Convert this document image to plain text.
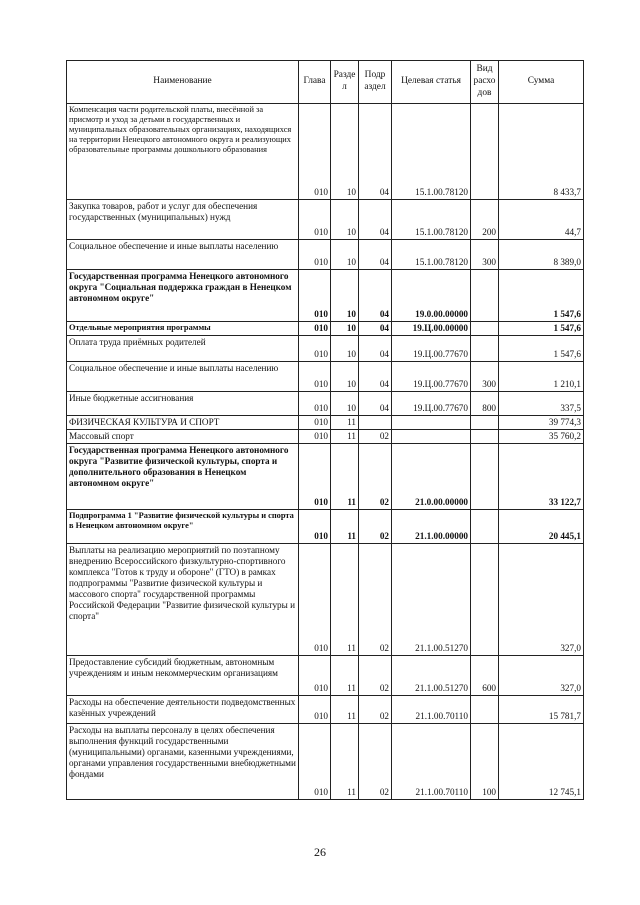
Наименование	Глава	Разде л	Подр аздел	Целевая статья	Вид расхо дов	Сумма
Компенсация части родительской платы, внесённой за присмотр и уход за детьми в государственных и муниципальных образовательных организациях, находящихся на территории Ненецкого автономного округа и реализующих образовательные программы дошкольного образования	010	10	04	15.1.00.78120		8 433,7
Закупка товаров, работ и услуг для обеспечения государственных (муниципальных) нужд	010	10	04	15.1.00.78120	200	44,7
Социальное обеспечение и иные выплаты населению	010	10	04	15.1.00.78120	300	8 389,0
Государственная программа Ненецкого автономного округа "Социальная поддержка граждан в Ненецком автономном округе"	010	10	04	19.0.00.00000		1 547,6
Отдельные мероприятия программы	010	10	04	19.Ц.00.00000		1 547,6
Оплата труда приёмных родителей	010	10	04	19.Ц.00.77670		1 547,6
Социальное обеспечение и иные выплаты населению	010	10	04	19.Ц.00.77670	300	1 210,1
Иные бюджетные ассигнования	010	10	04	19.Ц.00.77670	800	337,5
ФИЗИЧЕСКАЯ КУЛЬТУРА И СПОРТ	010	11				39 774,3
Массовый спорт	010	11	02			35 760,2
Государственная программа Ненецкого автономного округа "Развитие физической культуры, спорта и дополнительного образования в Ненецком автономном округе"	010	11	02	21.0.00.00000		33 122,7
Подпрограмма 1 "Развитие физической культуры и спорта в Ненецком автономном округе"	010	11	02	21.1.00.00000		20 445,1
Выплаты на реализацию мероприятий по поэтапному внедрению Всероссийского физкультурно-спортивного комплекса "Готов к труду и обороне" (ГТО) в рамках подпрограммы "Развитие физической культуры и массового спорта" государственной программы Российской Федерации "Развитие физической культуры и спорта"	010	11	02	21.1.00.51270		327,0
Предоставление субсидий бюджетным, автономным учреждениям и иным некоммерческим организациям	010	11	02	21.1.00.51270	600	327,0
Расходы на обеспечение деятельности подведомственных казённых учреждений	010	11	02	21.1.00.70110		15 781,7
Расходы на выплаты персоналу в целях обеспечения выполнения функций государственными (муниципальными) органами, казенными учреждениями, органами управления государственными внебюджетными фондами	010	11	02	21.1.00.70110	100	12 745,1
26
